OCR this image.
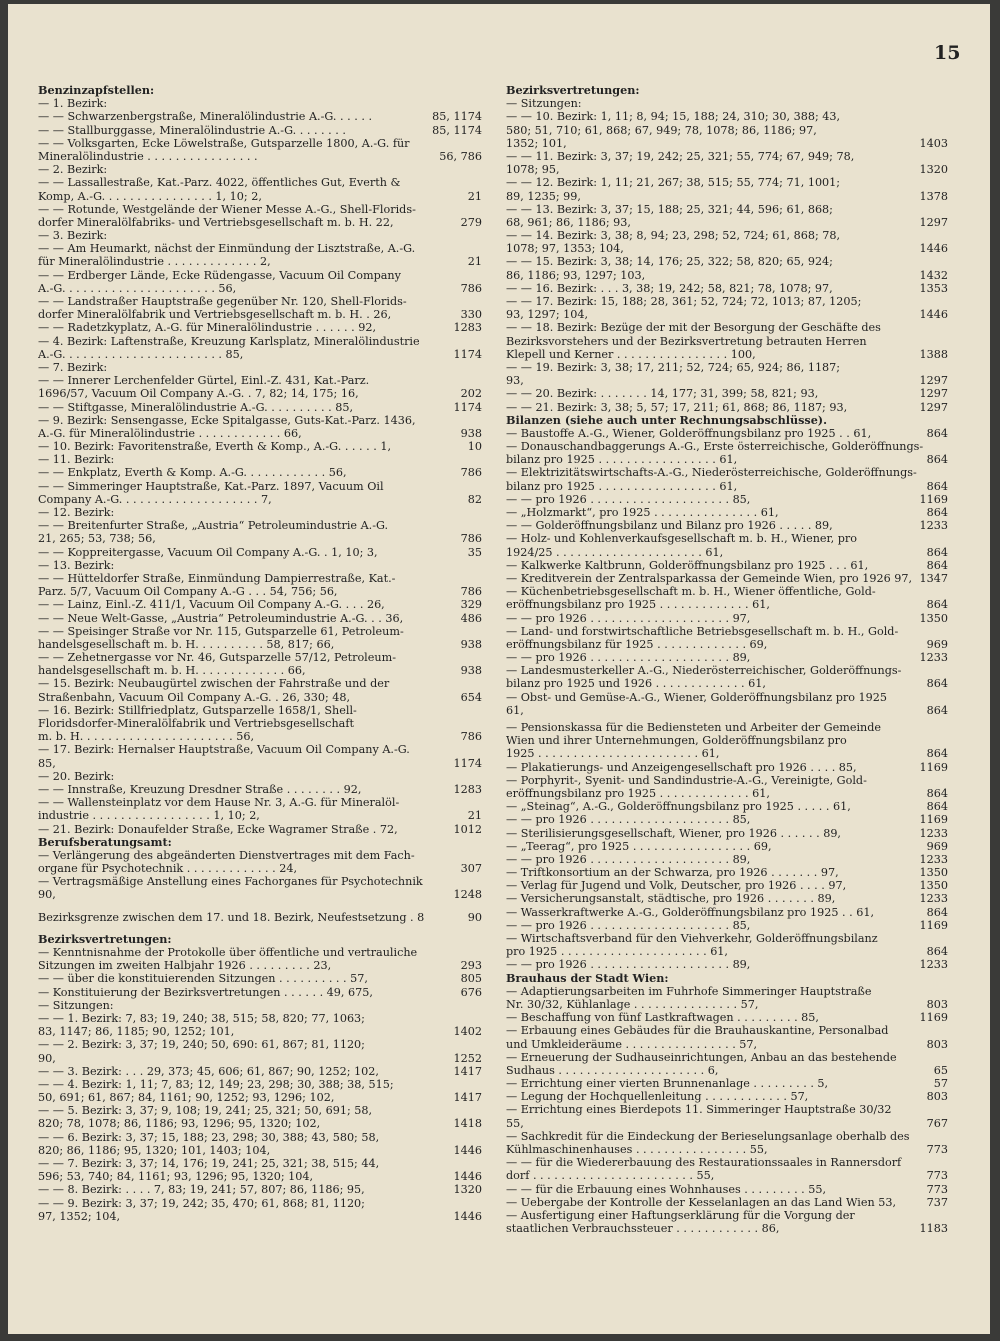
15
Benzinzapfstellen:
— 1. Bezirk:
— — Schwarzenbergstraße, Mineralölindustrie A.-G. . . . . .	85, 1174
— — Stallburggasse, Mineralölindustrie A.-G. . . . . . . .	85, 1174
— — Volksgarten, Ecke Löwelstraße, Gutsparzelle 1800, A.-G. für
Mineralölindustrie . . . . . . . . . . . . . . . .	56, 786
— 2. Bezirk:
— — Lassallestraße, Kat.-Parz. 4022, öffentliches Gut, Everth &
Komp, A.-G. . . . . . . . . . . . . . . . 1, 10; 2,	21
— — Rotunde, Westgelände der Wiener Messe A.-G., Shell-Florids-
dorfer Mineralölfabriks- und Vertriebsgesellschaft m. b. H. 22,	279
— 3. Bezirk:
— — Am Heumarkt, nächst der Einmündung der Lisztstraße, A.-G.
für Mineralölindustrie . . . . . . . . . . . . . 2,	21
— — Erdberger Lände, Ecke Rüdengasse, Vacuum Oil Company
A.-G. . . . . . . . . . . . . . . . . . . . . . 56,	786
— — Landstraßer Hauptstraße gegenüber Nr. 120, Shell-Florids-
dorfer Mineralölfabrik und Vertriebsgesellschaft m. b. H. . 26,	330
— — Radetzkyplatz, A.-G. für Mineralölindustrie . . . . . . 92,	1283
— 4. Bezirk: Laftenstraße, Kreuzung Karlsplatz, Mineralölindustrie
A.-G. . . . . . . . . . . . . . . . . . . . . . . 85,	1174
— 7. Bezirk:
— — Innerer Lerchenfelder Gürtel, Einl.-Z. 431, Kat.-Parz.
1696/57, Vacuum Oil Company A.-G. . 7, 82; 14, 175; 16,	202
— — Stiftgasse, Mineralölindustrie A.-G. . . . . . . . . . 85,	1174
— 9. Bezirk: Sensengasse, Ecke Spitalgasse, Guts-Kat.-Parz. 1436,
A.-G. für Mineralölindustrie . . . . . . . . . . . . 66,	938
— 10. Bezirk: Favoritenstraße, Everth & Komp., A.-G. . . . . . 1,	10
— 11. Bezirk:
— — Enkplatz, Everth & Komp. A.-G. . . . . . . . . . . . 56,	786
— — Simmeringer Hauptstraße, Kat.-Parz. 1897, Vacuum Oil
Company A.-G. . . . . . . . . . . . . . . . . . . . 7,	82
— 12. Bezirk:
— — Breitenfurter Straße, „Austria“ Petroleumindustrie A.-G.
21, 265; 53, 738; 56,	786
— — Koppreitergasse, Vacuum Oil Company A.-G. . 1, 10; 3,	35
— 13. Bezirk:
— — Hütteldorfer Straße, Einmündung Dampierrestraße, Kat.-
Parz. 5/7, Vacuum Oil Company A.-G . . . 54, 756; 56,	786
— — Lainz, Einl.-Z. 411/1, Vacuum Oil Company A.-G. . . . 26,	329
— — Neue Welt-Gasse, „Austria“ Petroleumindustrie A.-G. . . 36,	486
— — Speisinger Straße vor Nr. 115, Gutsparzelle 61, Petroleum-
handelsgesellschaft m. b. H. . . . . . . . . . 58, 817; 66,	938
— — Zehetnergasse vor Nr. 46, Gutsparzelle 57/12, Petroleum-
handelsgesellschaft m. b. H. . . . . . . . . . . . . 66,	938
— 15. Bezirk: Neubaugürtel zwischen der Fahrstraße und der
Straßenbahn, Vacuum Oil Company A.-G. . 26, 330; 48,	654
— 16. Bezirk: Stillfriedplatz, Gutsparzelle 1658/1, Shell-
Floridsdorfer-Mineralölfabrik und Vertriebsgesellschaft
m. b. H. . . . . . . . . . . . . . . . . . . . . . 56,	786
— 17. Bezirk: Hernalser Hauptstraße, Vacuum Oil Company A.-G.
85,	1174
— 20. Bezirk:
— — Innstraße, Kreuzung Dresdner Straße . . . . . . . . 92,	1283
— — Wallensteinplatz vor dem Hause Nr. 3, A.-G. für Mineralöl-
industrie . . . . . . . . . . . . . . . . . 1, 10; 2,	21
— 21. Bezirk: Donaufelder Straße, Ecke Wagramer Straße . 72,	1012
Berufsberatungsamt:
— Verlängerung des abgeänderten Dienstvertrages mit dem Fach-
organe für Psychotechnik . . . . . . . . . . . . . 24,	307
— Vertragsmäßige Anstellung eines Fachorganes für Psychotechnik
90,	1248
Bezirksgrenze zwischen dem 17. und 18. Bezirk, Neufestsetzung . 8	90
Bezirksvertretungen:
— Kenntnisnahme der Protokolle über öffentliche und vertrauliche
Sitzungen im zweiten Halbjahr 1926 . . . . . . . . . 23,	293
— — über die konstituierenden Sitzungen . . . . . . . . . . 57,	805
— Konstituierung der Bezirksvertretungen . . . . . . 49, 675,	676
— Sitzungen:
— — 1. Bezirk: 7, 83; 19, 240; 38, 515; 58, 820; 77, 1063;
83, 1147; 86, 1185; 90, 1252; 101,	1402
— — 2. Bezirk: 3, 37; 19, 240; 50, 690: 61, 867; 81, 1120;
90,	1252
— — 3. Bezirk: . . . 29, 373; 45, 606; 61, 867; 90, 1252; 102,	1417
— — 4. Bezirk: 1, 11; 7, 83; 12, 149; 23, 298; 30, 388; 38, 515;
50, 691; 61, 867; 84, 1161; 90, 1252; 93, 1296; 102,	1417
— — 5. Bezirk: 3, 37; 9, 108; 19, 241; 25, 321; 50, 691; 58,
820; 78, 1078; 86, 1186; 93, 1296; 95, 1320; 102,	1418
— — 6. Bezirk: 3, 37; 15, 188; 23, 298; 30, 388; 43, 580; 58,
820; 86, 1186; 95, 1320; 101, 1403; 104,	1446
— — 7. Bezirk: 3, 37; 14, 176; 19, 241; 25, 321; 38, 515; 44,
596; 53, 740; 84, 1161; 93, 1296; 95, 1320; 104,	1446
— — 8. Bezirk: . . . . 7, 83; 19, 241; 57, 807; 86, 1186; 95,	1320
— — 9. Bezirk: 3, 37; 19, 242; 35, 470; 61, 868; 81, 1120;
97, 1352; 104,	1446
Bezirksvertretungen:
— Sitzungen:
— — 10. Bezirk: 1, 11; 8, 94; 15, 188; 24, 310; 30, 388; 43,
580; 51, 710; 61, 868; 67, 949; 78, 1078; 86, 1186; 97,
1352; 101,	1403
— — 11. Bezirk: 3, 37; 19, 242; 25, 321; 55, 774; 67, 949; 78,
1078; 95,	1320
— — 12. Bezirk: 1, 11; 21, 267; 38, 515; 55, 774; 71, 1001;
89, 1235; 99,	1378
— — 13. Bezirk: 3, 37; 15, 188; 25, 321; 44, 596; 61, 868;
68, 961; 86, 1186; 93,	1297
— — 14. Bezirk: 3, 38; 8, 94; 23, 298; 52, 724; 61, 868; 78,
1078; 97, 1353; 104,	1446
— — 15. Bezirk: 3, 38; 14, 176; 25, 322; 58, 820; 65, 924;
86, 1186; 93, 1297; 103,	1432
— — 16. Bezirk: . . . 3, 38; 19, 242; 58, 821; 78, 1078; 97,	1353
— — 17. Bezirk: 15, 188; 28, 361; 52, 724; 72, 1013; 87, 1205;
93, 1297; 104,	1446
— — 18. Bezirk: Bezüge der mit der Besorgung der Geschäfte des
Bezirksvorstehers und der Bezirksvertretung betrauten Herren
Klepell und Kerner . . . . . . . . . . . . . . . . 100,	1388
— — 19. Bezirk: 3, 38; 17, 211; 52, 724; 65, 924; 86, 1187;
93,	1297
— — 20. Bezirk: . . . . . . . 14, 177; 31, 399; 58, 821; 93,	1297
— — 21. Bezirk: 3, 38; 5, 57; 17, 211; 61, 868; 86, 1187; 93,	1297
Bilanzen (siehe auch unter Rechnungsabschlüsse).
— Baustoffe A.-G., Wiener, Golderöffnungsbilanz pro 1925 . . 61,	864
— Donauschandbaggerungs A.-G., Erste österreichische, Golderöffnungs-
bilanz pro 1925 . . . . . . . . . . . . . . . . . 61,	864
— Elektrizitätswirtschafts-A.-G., Niederösterreichische, Golderöffnungs-
bilanz pro 1925 . . . . . . . . . . . . . . . . . 61,	864
— — pro 1926 . . . . . . . . . . . . . . . . . . . . 85,	1169
— „Holzmarkt“, pro 1925 . . . . . . . . . . . . . . . 61,	864
— — Golderöffnungsbilanz und Bilanz pro 1926 . . . . . 89,	1233
— Holz- und Kohlenverkaufsgesellschaft m. b. H., Wiener, pro
1924/25 . . . . . . . . . . . . . . . . . . . . . 61,	864
— Kalkwerke Kaltbrunn, Golderöffnungsbilanz pro 1925 . . . 61,	864
— Kreditverein der Zentralsparkassa der Gemeinde Wien, pro 1926 97, 1347
— Küchenbetriebsgesellschaft m. b. H., Wiener öffentliche, Gold-
eröffnungsbilanz pro 1925 . . . . . . . . . . . . . 61,	864
— — pro 1926 . . . . . . . . . . . . . . . . . . . . 97,	1350
— Land- und forstwirtschaftliche Betriebsgesellschaft m. b. H., Gold-
eröffnungsbilanz für 1925 . . . . . . . . . . . . . 69,	969
— — pro 1926 . . . . . . . . . . . . . . . . . . . . 89,	1233
— Landesmusterkeller A.-G., Niederösterreichischer, Golderöffnungs-
bilanz pro 1925 und 1926 . . . . . . . . . . . . . 61,	864
— Obst- und Gemüse-A.-G., Wiener, Golderöffnungsbilanz pro 1925
61,	864
— Pensionskassa für die Bediensteten und Arbeiter der Gemeinde
Wien und ihrer Unternehmungen, Golderöffnungsbilanz pro
1925 . . . . . . . . . . . . . . . . . . . . . . . 61,	864
— Plakatierungs- und Anzeigengesellschaft pro 1926 . . . . 85,	1169
— Porphyrit-, Syenit- und Sandindustrie-A.-G., Vereinigte, Gold-
eröffnungsbilanz pro 1925 . . . . . . . . . . . . . 61,	864
— „Steinag“, A.-G., Golderöffnungsbilanz pro 1925 . . . . . 61,	864
— — pro 1926 . . . . . . . . . . . . . . . . . . . . 85,	1169
— Sterilisierungsgesellschaft, Wiener, pro 1926 . . . . . . 89,	1233
— „Teerag“, pro 1925 . . . . . . . . . . . . . . . . . 69,	969
— — pro 1926 . . . . . . . . . . . . . . . . . . . . 89,	1233
— Triftkonsortium an der Schwarza, pro 1926 . . . . . . . 97,	1350
— Verlag für Jugend und Volk, Deutscher, pro 1926 . . . . 97,	1350
— Versicherungsanstalt, städtische, pro 1926 . . . . . . . 89,	1233
— Wasserkraftwerke A.-G., Golderöffnungsbilanz pro 1925 . . 61,	864
— — pro 1926 . . . . . . . . . . . . . . . . . . . . 85,	1169
— Wirtschaftsverband für den Viehverkehr, Golderöffnungsbilanz
pro 1925 . . . . . . . . . . . . . . . . . . . . . 61,	864
— — pro 1926 . . . . . . . . . . . . . . . . . . . . 89,	1233
Brauhaus der Stadt Wien:
— Adaptierungsarbeiten im Fuhrhofe Simmeringer Hauptstraße
Nr. 30/32, Kühlanlage . . . . . . . . . . . . . . . 57,	803
— Beschaffung von fünf Lastkraftwagen . . . . . . . . . 85,	1169
— Erbauung eines Gebäudes für die Brauhauskantine, Personalbad
und Umkleideräume . . . . . . . . . . . . . . . . 57,	803
— Erneuerung der Sudhauseinrichtungen, Anbau an das bestehende
Sudhaus . . . . . . . . . . . . . . . . . . . . . 6,	65
— Errichtung einer vierten Brunnenanlage . . . . . . . . . 5,	57
— Legung der Hochquellenleitung . . . . . . . . . . . . 57,	803
— Errichtung eines Bierdepots 11. Simmeringer Hauptstraße 30/32
55,	767
— Sachkredit für die Eindeckung der Berieselungsanlage oberhalb des
Kühlmaschinenhauses . . . . . . . . . . . . . . . . 55,	773
— — für die Wiedererbauung des Restaurationssaales in Rannersdorf
dorf . . . . . . . . . . . . . . . . . . . . . . . 55,	773
— — für die Erbauung eines Wohnhauses . . . . . . . . . 55,	773
— Uebergabe der Kontrolle der Kesselanlagen an das Land Wien 53,	737
— Ausfertigung einer Haftungserklärung für die Vorgung der
staatlichen Verbrauchssteuer . . . . . . . . . . . . 86,	1183
